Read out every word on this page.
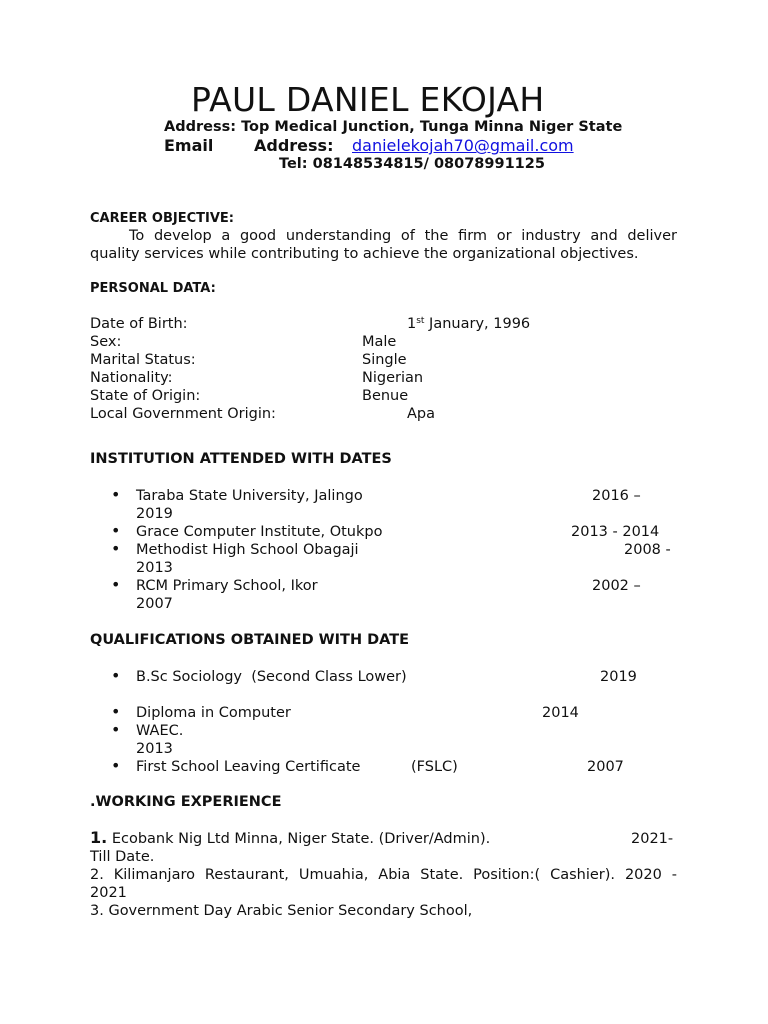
PAUL DANIEL EKOJAH
Address: Top Medical Junction, Tunga Minna Niger State
Email	Address: danielekojah70@gmail.com
Tel: 08148534815/ 08078991125
CAREER OBJECTIVE:
To develop a good understanding of the firm or industry and deliver
quality services while contributing to achieve the organizational objectives.
PERSONAL DATA:
Date of Birth:	1st January, 1996
Sex:	Male
Marital Status:	Single
Nationality:	Nigerian
State of Origin:	Benue
Local Government Origin:	Apa
INSTITUTION ATTENDED WITH DATES
• Taraba State University, Jalingo	2016 –
2019
• Grace Computer Institute, Otukpo	2013 - 2014
• Methodist High School Obagaji	2008 -
2013
• RCM Primary School, Ikor	2002 –
2007
QUALIFICATIONS OBTAINED WITH DATE
• B.Sc Sociology  (Second Class Lower)	2019
• Diploma in Computer	2014
• WAEC.
2013
• First School Leaving Certificate	(FSLC)	2007
.WORKING EXPERIENCE
1. Ecobank Nig Ltd Minna, Niger State. (Driver/Admin).	2021-
Till Date.
2. Kilimanjaro Restaurant, Umuahia, Abia State. Position:( Cashier). 2020 -
2021
3. Government Day Arabic Senior Secondary School,
